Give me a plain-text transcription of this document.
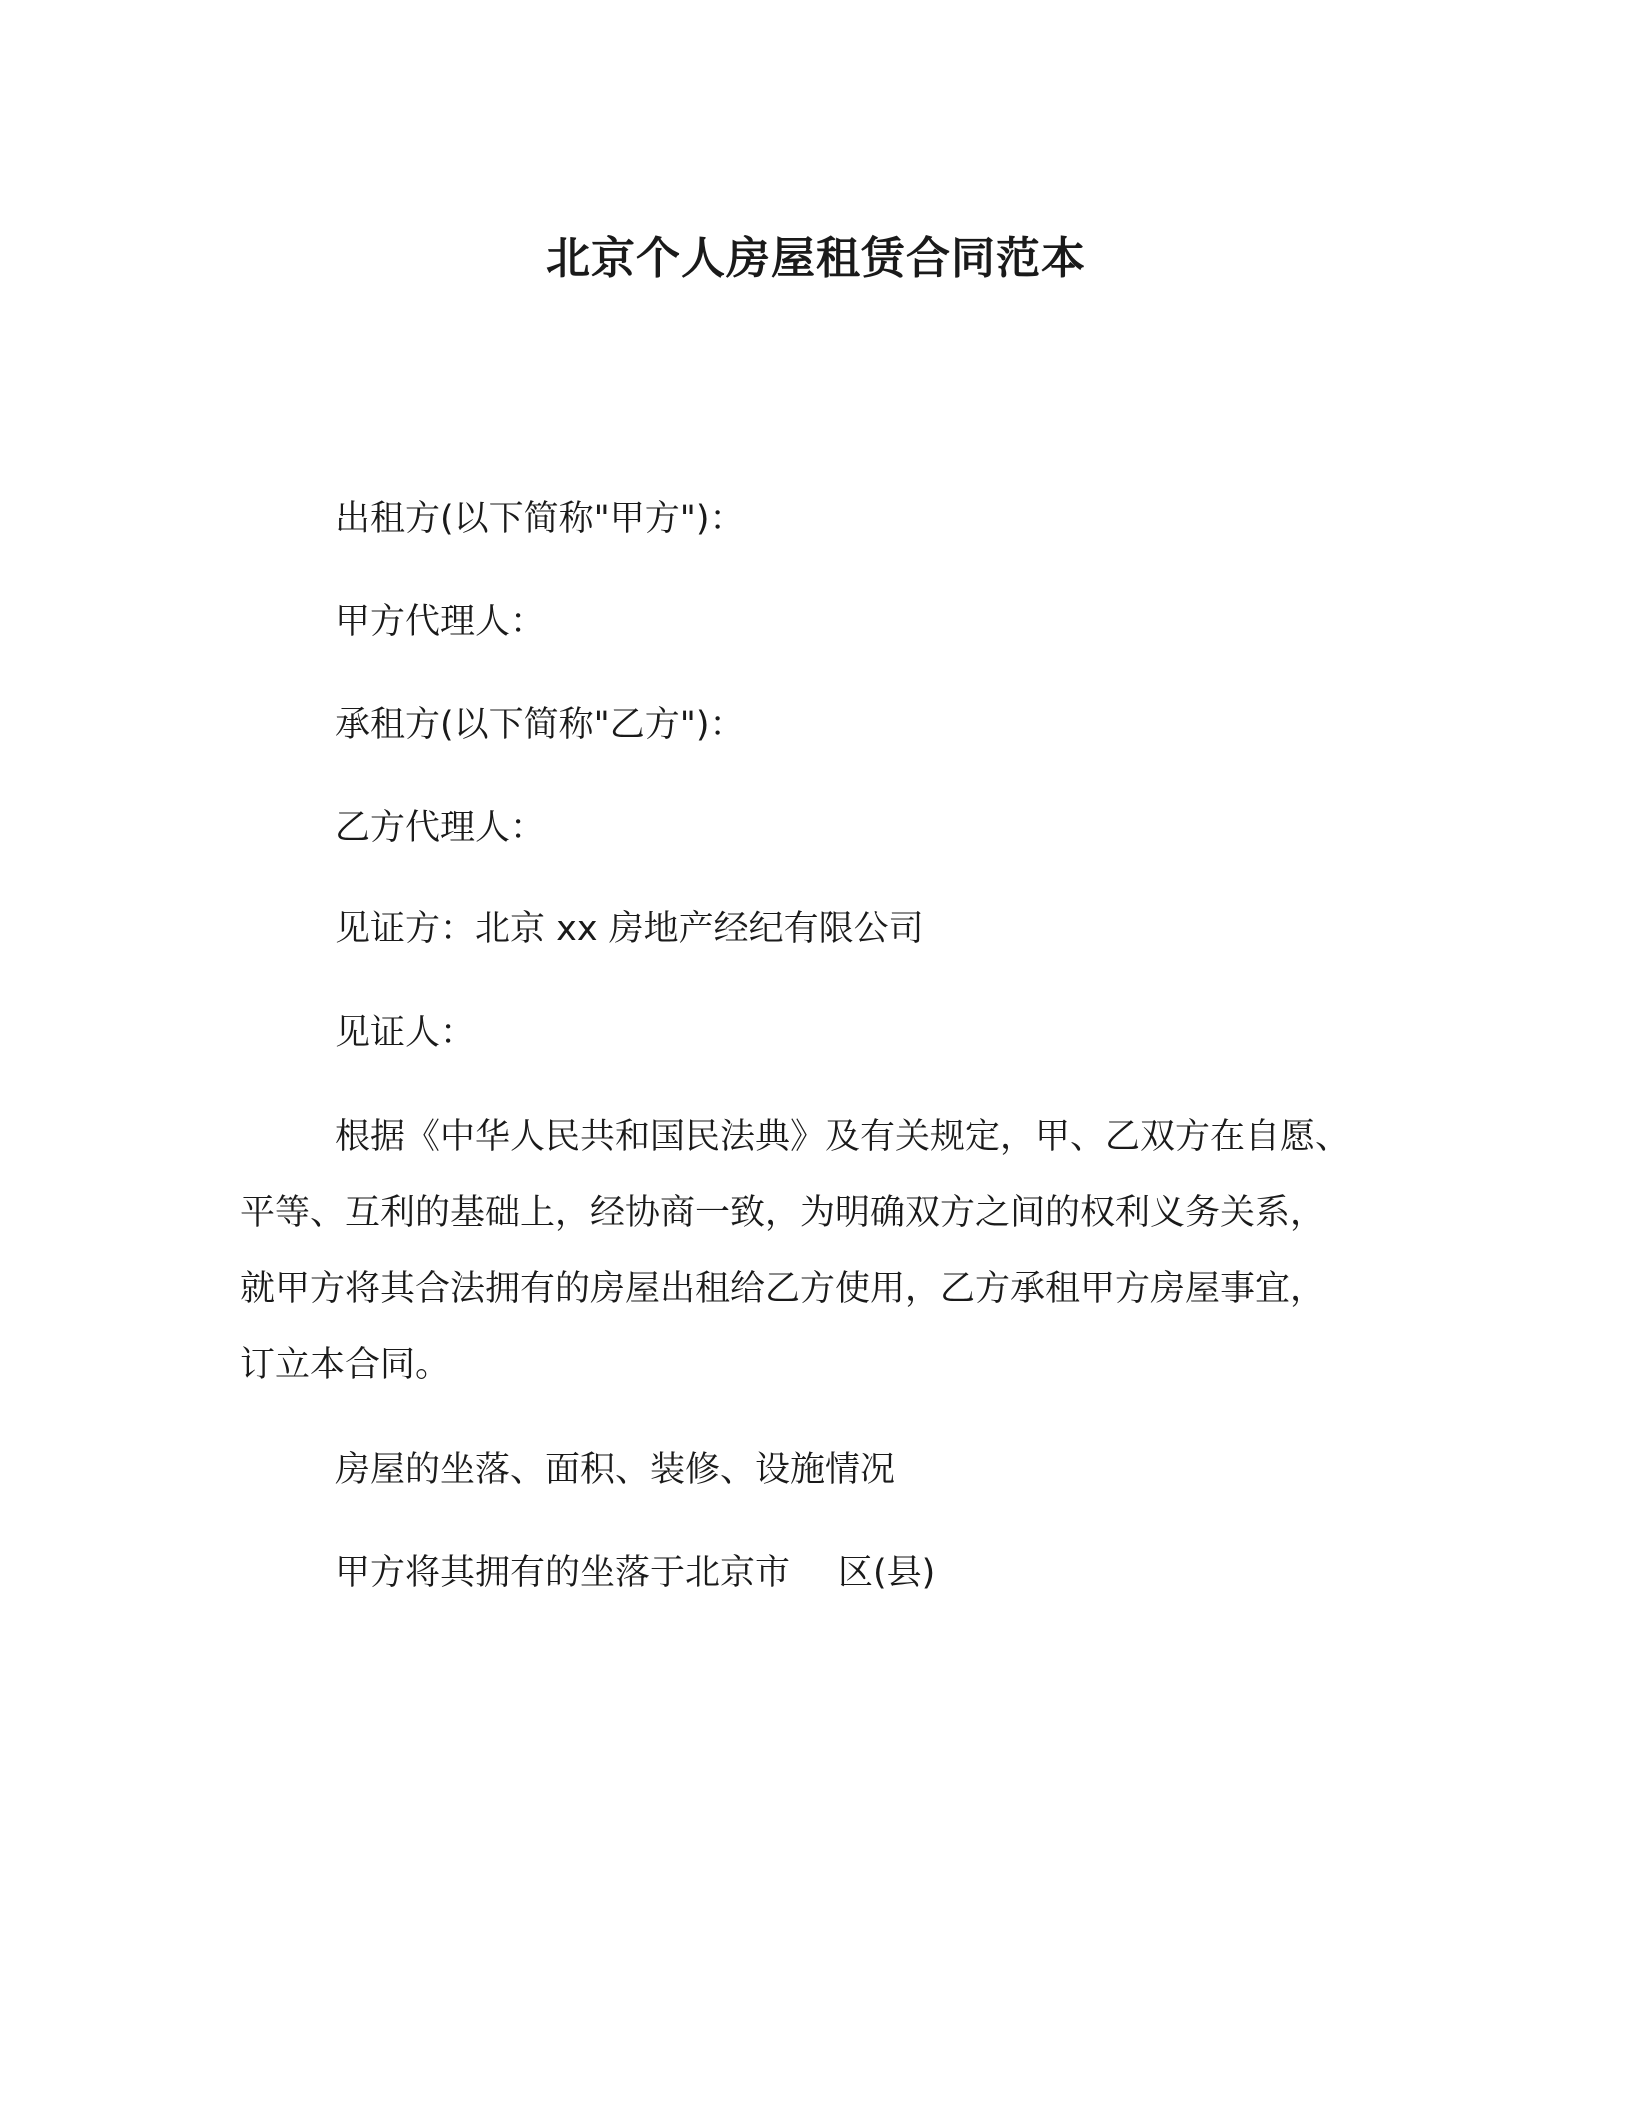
北京个人房屋租赁合同范本

出租方(以下简称"甲方")：

甲方代理人：

承租方(以下简称"乙方")：

乙方代理人：

见证方：北京 xx 房地产经纪有限公司

见证人：

根据《中华人民共和国民法典》及有关规定，甲、乙双方在自愿、

平等、互利的基础上，经协商一致，为明确双方之间的权利义务关系，

就甲方将其合法拥有的房屋出租给乙方使用，乙方承租甲方房屋事宜，

订立本合同。

房屋的坐落、面积、装修、设施情况

甲方将其拥有的坐落于北京市 区(县)
